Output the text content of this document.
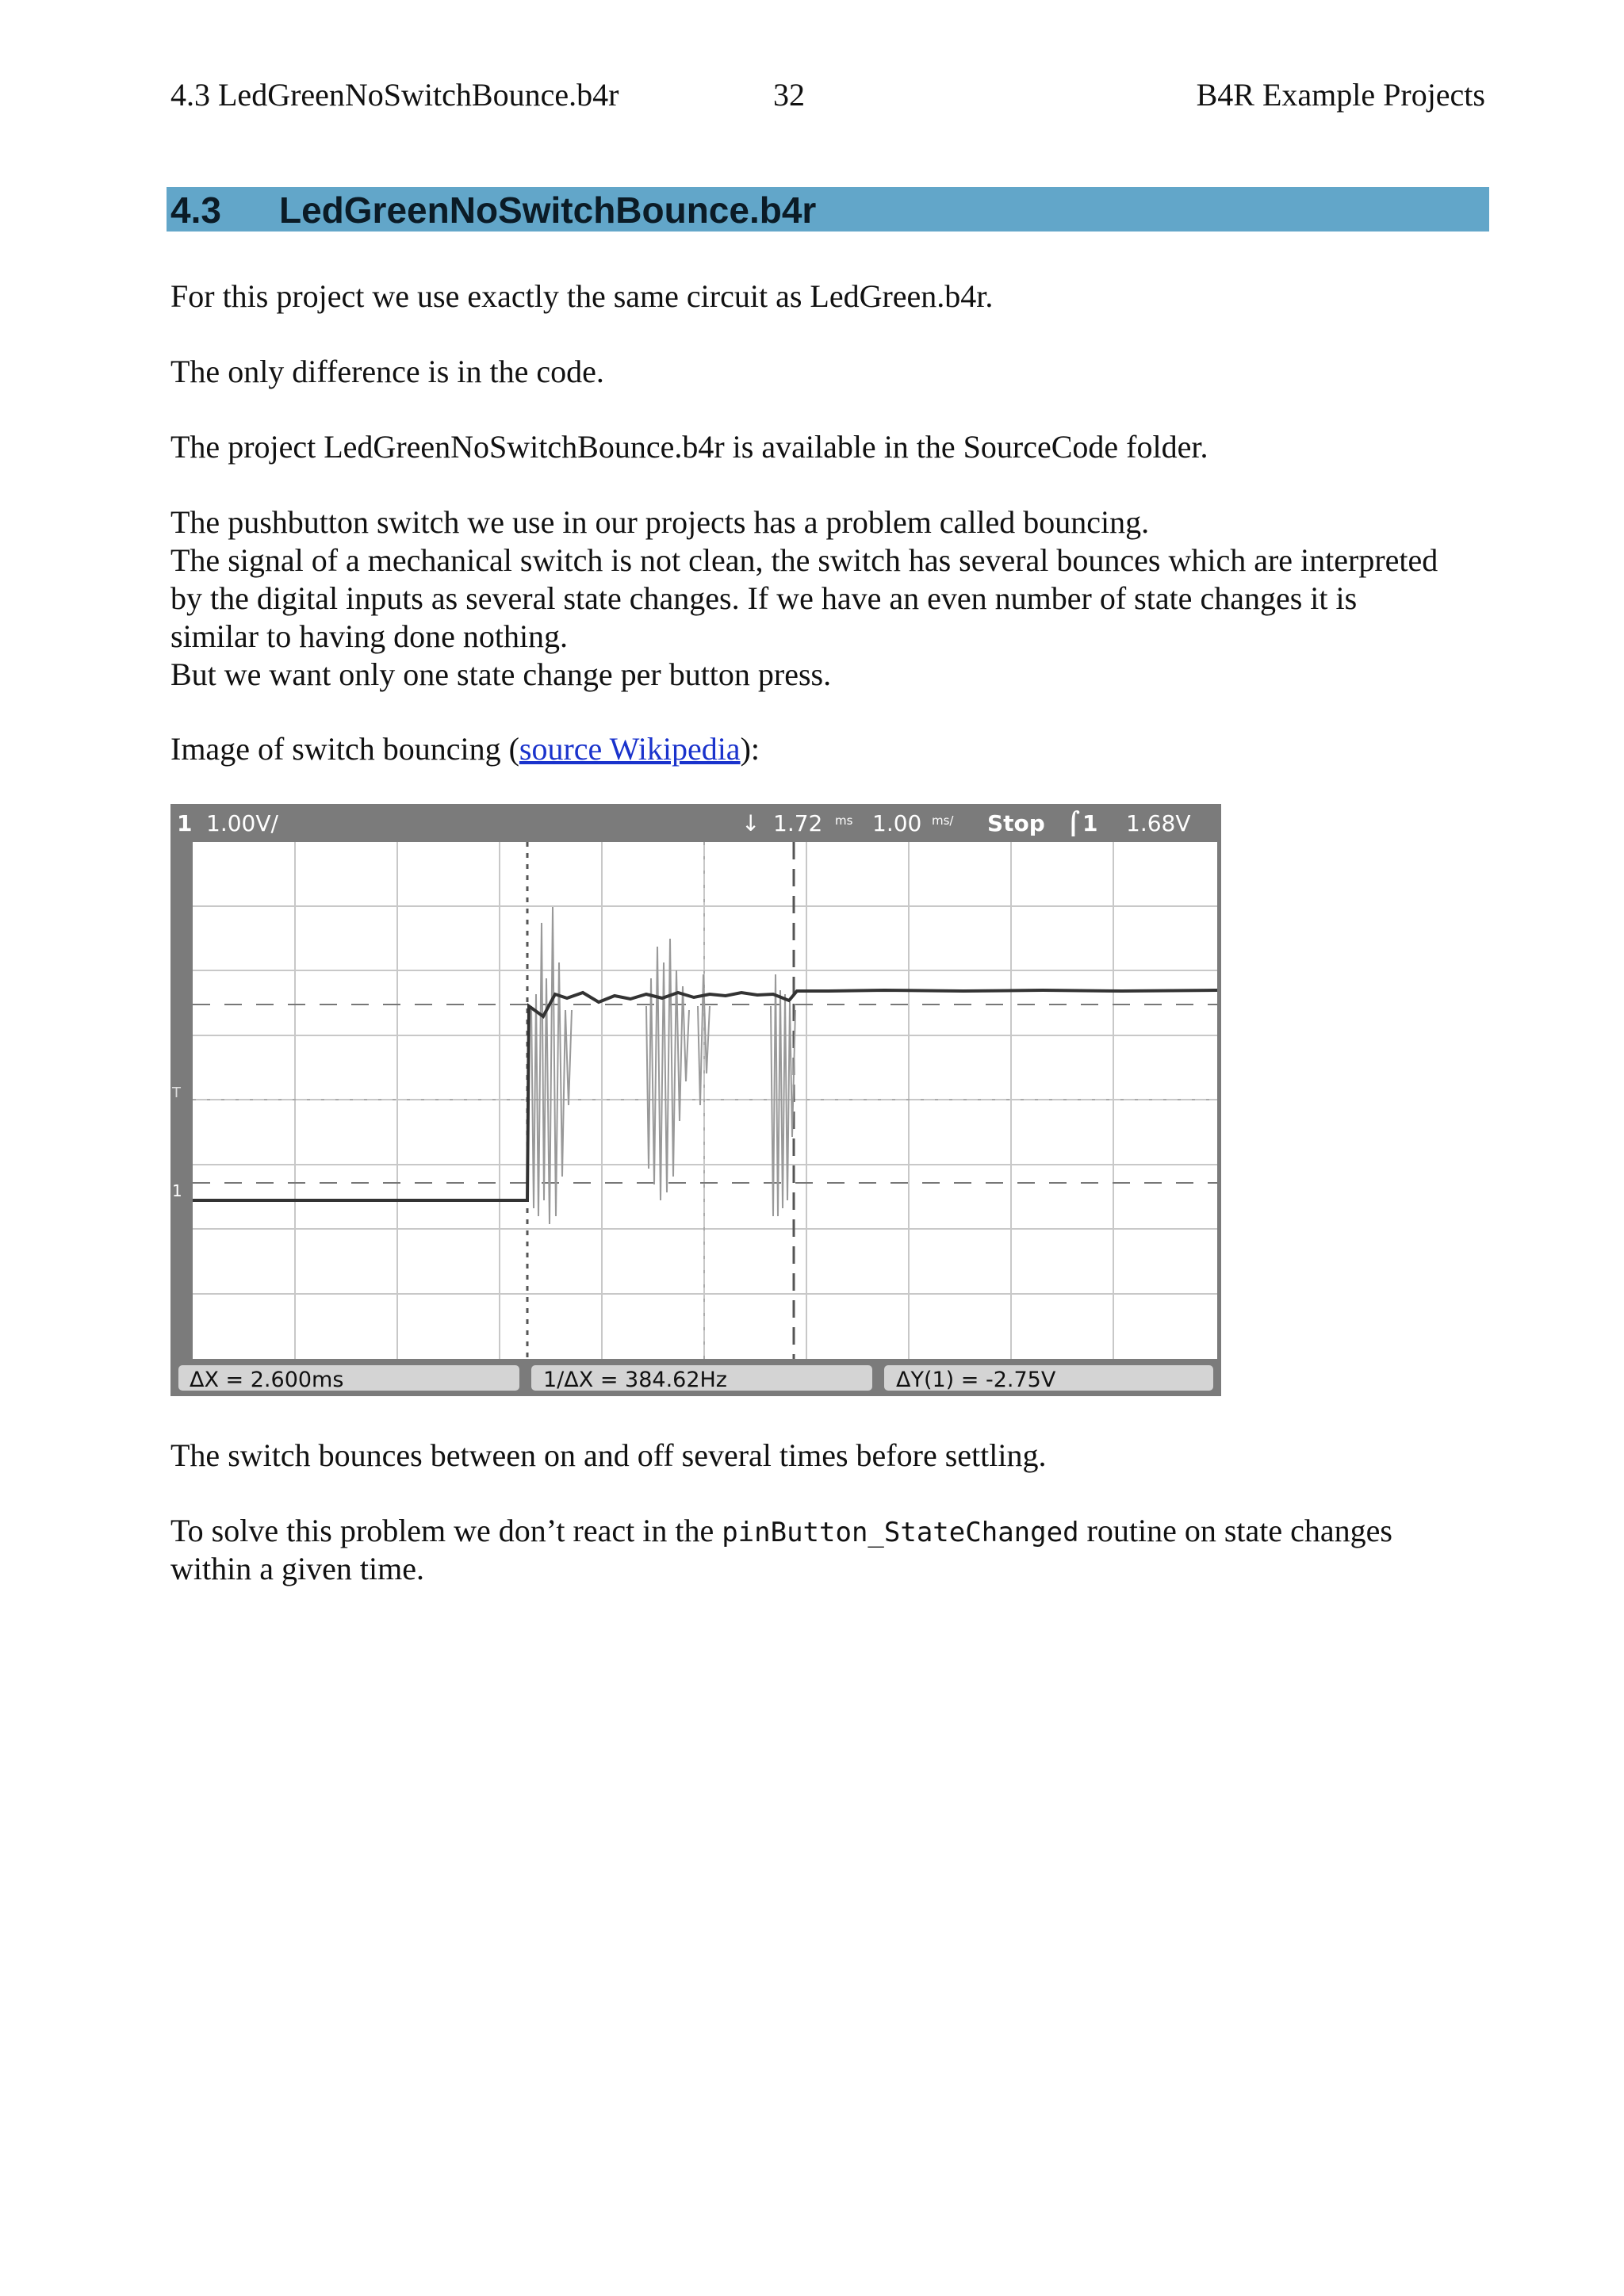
4.3 LedGreenNoSwitchBounce.b4r	32	B4R Example Projects
4.3 LedGreenNoSwitchBounce.b4r

For this project we use exactly the same circuit as LedGreen.b4r.

The only difference is in the code.

The project LedGreenNoSwitchBounce.b4r is available in the SourceCode folder.

The pushbutton switch we use in our projects has a problem called bouncing.

The signal of a mechanical switch is not clean, the switch has several bounces which are interpreted

by the digital inputs as several state changes. If we have an even number of state changes it is

similar to having done nothing.

But we want only one state change per button press.

Image of switch bouncing (source Wikipedia):

1 1.00V/	↓ 1.72 ms 1.00 ms/ Stop ⌠ 1 1.68V
ΔX = 2.600ms	1/ΔX = 384.62Hz	ΔY(1) = -2.75V
1
T

The switch bounces between on and off several times before settling.

To solve this problem we don’t react in the pinButton_StateChanged routine on state changes

within a given time.
